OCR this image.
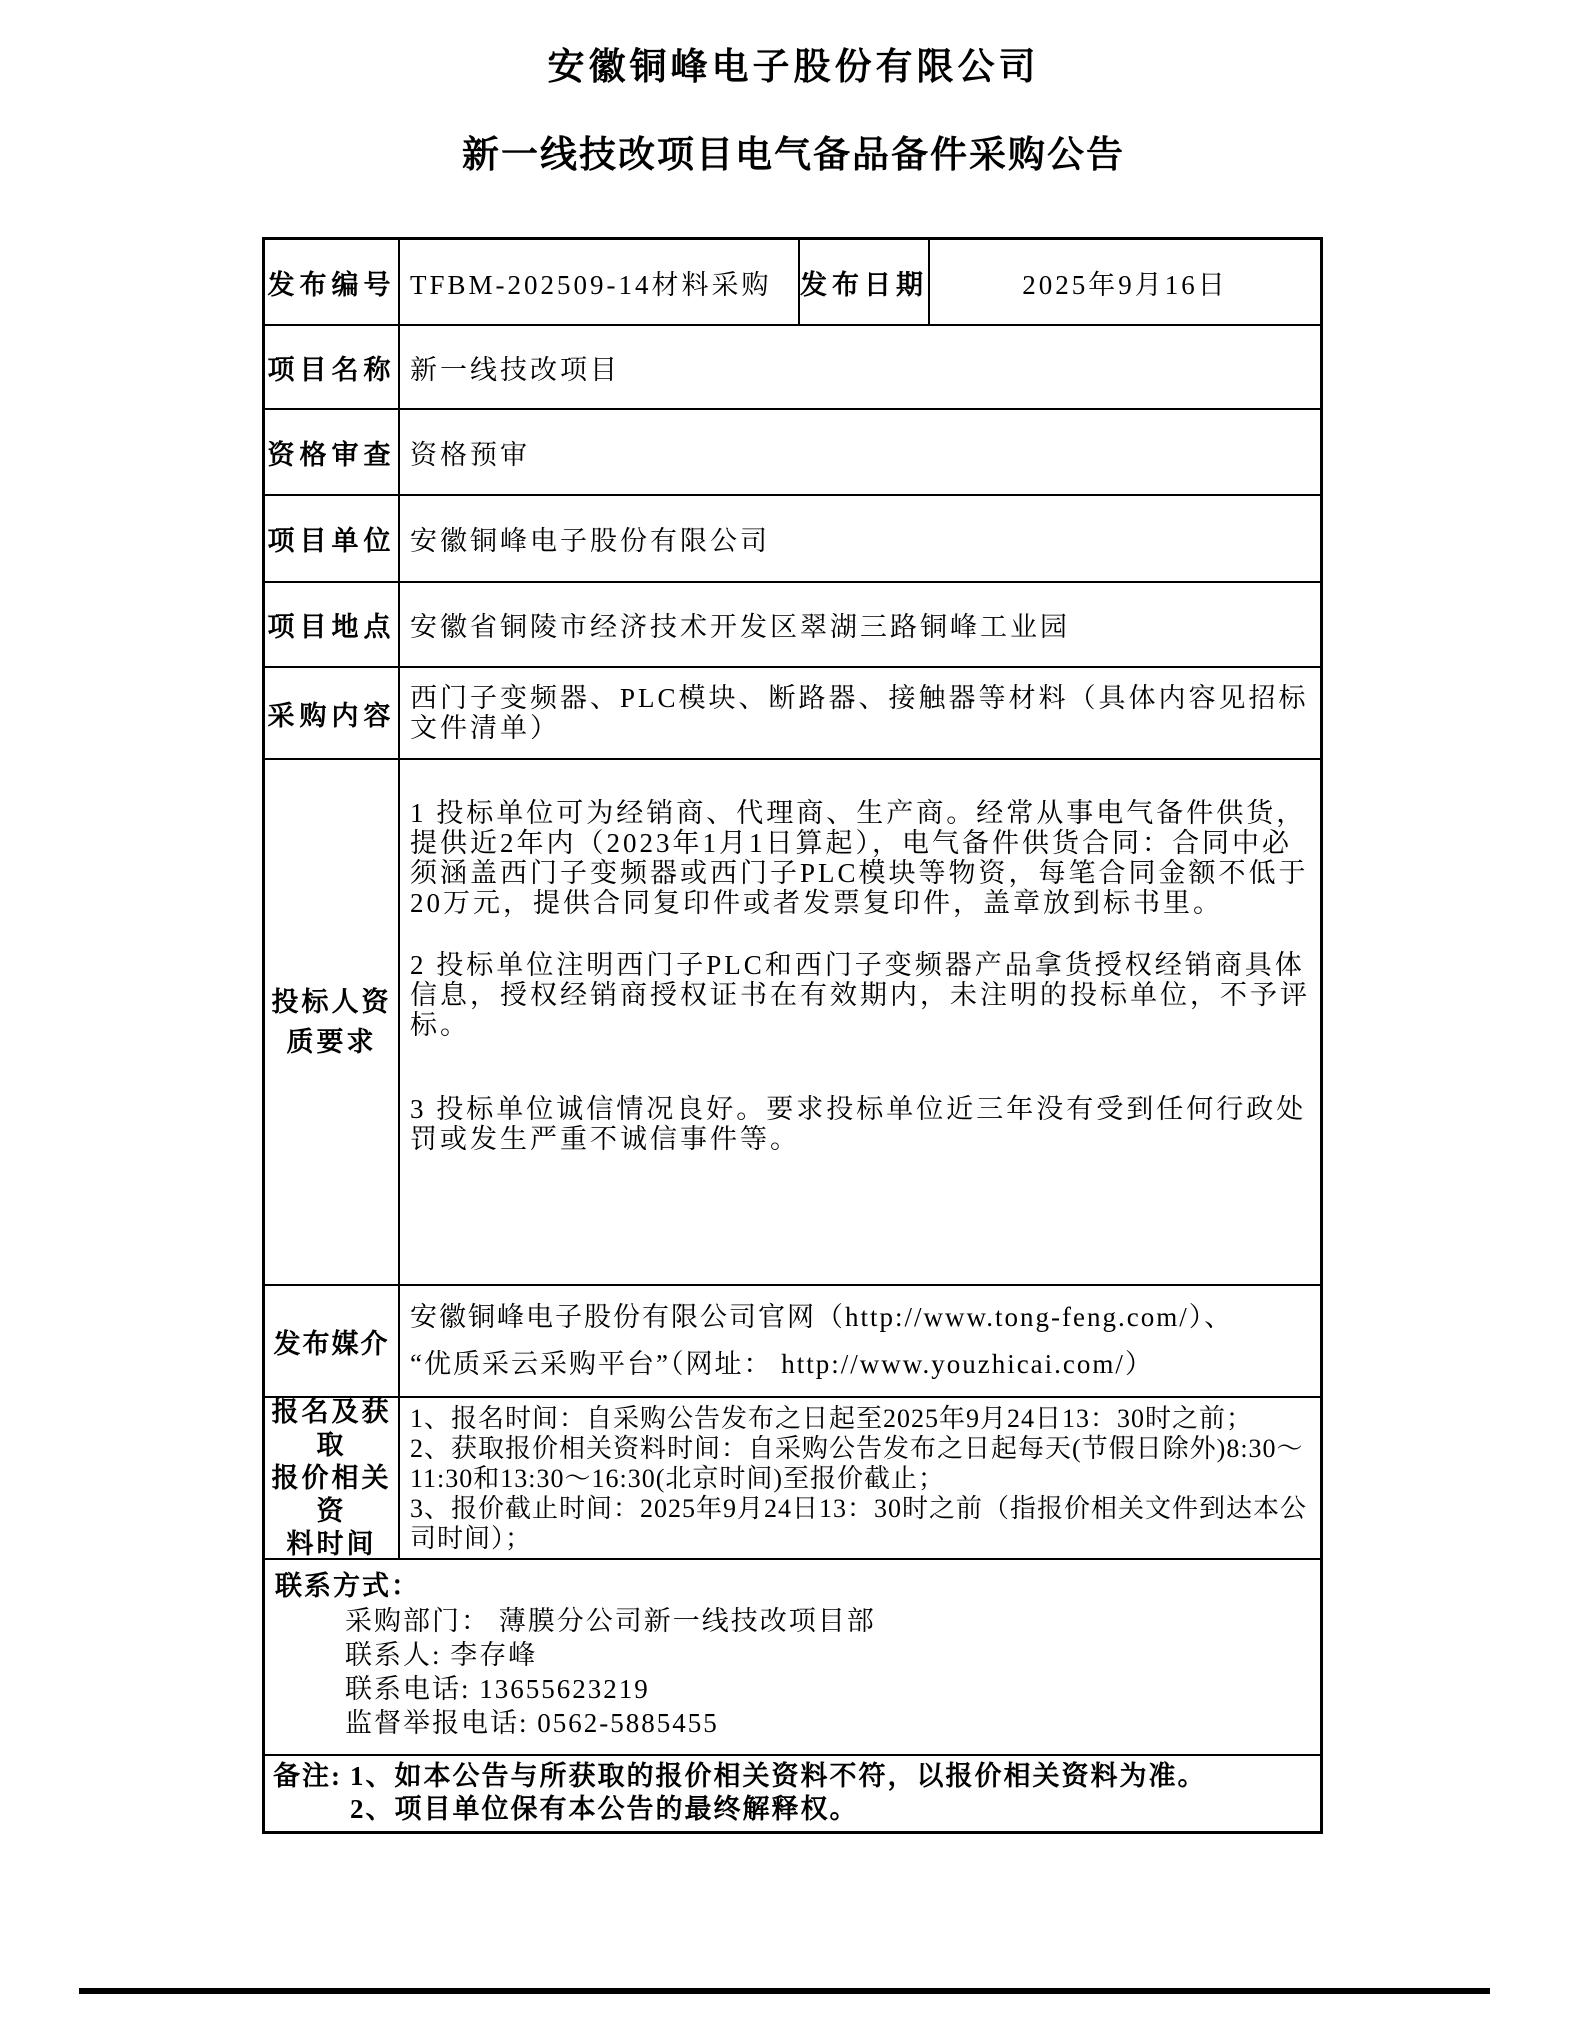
安徽铜峰电子股份有限公司
新一线技改项目电气备品备件采购公告
发布编号 TFBM-202509-14材料采购	发布日期	2025年9月16日
项目名称 新一线技改项目
资格审查 资格预审
项目单位 安徽铜峰电子股份有限公司
项目地点 安徽省铜陵市经济技术开发区翠湖三路铜峰工业园
采购内容
西门子变频器、PLC模块、断路器、接触器等材料（具体内容见招标文件清单）
投标人资
质要求
1 投标单位可为经销商、代理商、生产商。经常从事电气备件供货，提供近2年内（2023年1月1日算起），电气备件供货合同：合同中必须涵盖西门子变频器或西门子PLC模块等物资，每笔合同金额不低于20万元，提供合同复印件或者发票复印件，盖章放到标书里。
2 投标单位注明西门子PLC和西门子变频器产品拿货授权经销商具体信息，授权经销商授权证书在有效期内，未注明的投标单位，不予评标。
3 投标单位诚信情况良好。要求投标单位近三年没有受到任何行政处罚或发生严重不诚信事件等。
发布媒介
安徽铜峰电子股份有限公司官网（http://www.tong-feng.com/）、
“优质采云采购平台”（网址： http://www.youzhicai.com/）
报名及获取
报价相关资
料时间
1、报名时间：自采购公告发布之日起至2025年9月24日13：30时之前；
2、获取报价相关资料时间：自采购公告发布之日起每天(节假日除外)8:30～11:30和13:30～16:30(北京时间)至报价截止；
3、报价截止时间：2025年9月24日13：30时之前（指报价相关文件到达本公司时间）；
联系方式：
采购部门： 薄膜分公司新一线技改项目部
联系人: 李存峰
联系电话: 13655623219
监督举报电话: 0562-5885455
备注: 1、如本公告与所获取的报价相关资料不符，以报价相关资料为准。
2、项目单位保有本公告的最终解释权。
